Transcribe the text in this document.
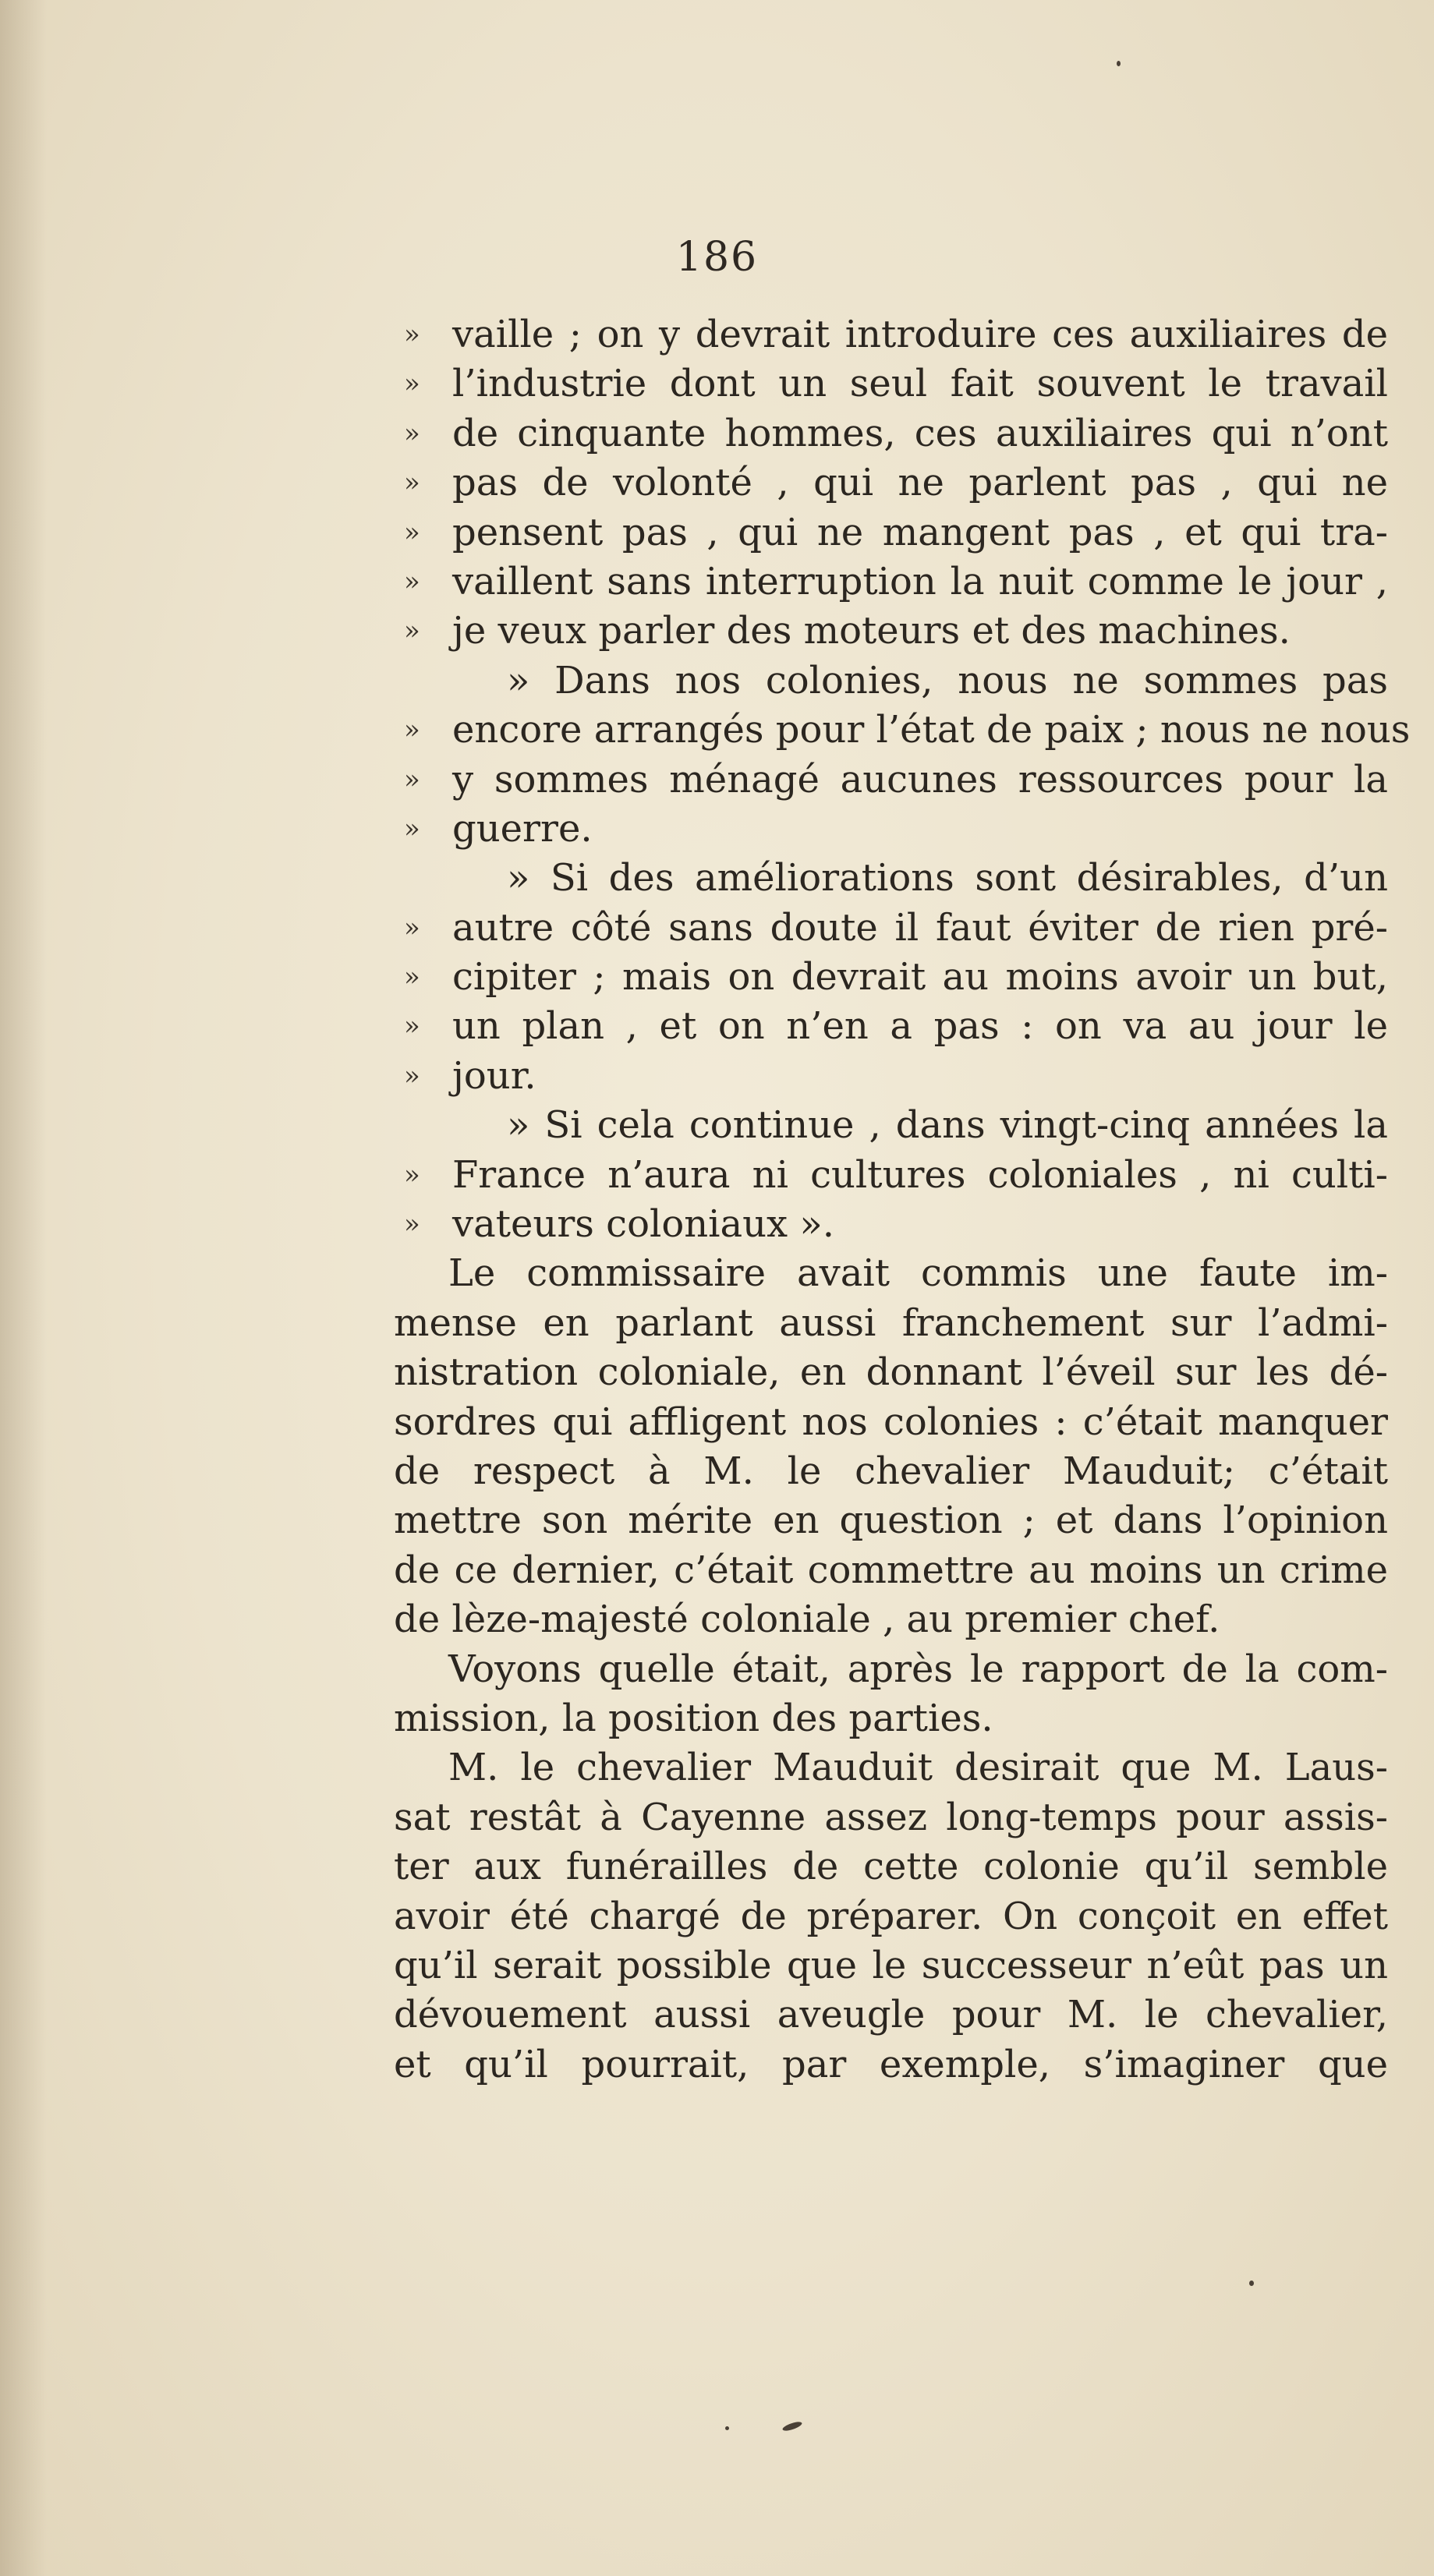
186
» vaille ; on y devrait introduire ces auxiliaires de
» l’industrie dont un seul fait souvent le travail
» de cinquante hommes, ces auxiliaires qui n’ont
» pas de volonté , qui ne parlent pas , qui ne
» pensent pas , qui ne mangent pas , et qui tra-
» vaillent sans interruption la nuit comme le jour ,
» je veux parler des moteurs et des machines.
» Dans nos colonies, nous ne sommes pas
» encore arrangés pour l’état de paix ; nous ne nous
» y sommes ménagé aucunes ressources pour la
» guerre.
» Si des améliorations sont désirables, d’un
» autre côté sans doute il faut éviter de rien pré-
» cipiter ; mais on devrait au moins avoir un but,
» un plan , et on n’en a pas : on va au jour le
» jour.
» Si cela continue , dans vingt-cinq années la
» France n’aura ni cultures coloniales , ni culti-
» vateurs coloniaux ».
Le commissaire avait commis une faute im-
mense en parlant aussi franchement sur l’admi-
nistration coloniale, en donnant l’éveil sur les dé-
sordres qui affligent nos colonies : c’était manquer
de respect à M. le chevalier Mauduit; c’était
mettre son mérite en question ; et dans l’opinion
de ce dernier, c’était commettre au moins un crime
de lèze-majesté coloniale , au premier chef.
Voyons quelle était, après le rapport de la com-
mission, la position des parties.
M. le chevalier Mauduit desirait que M. Laus-
sat restât à Cayenne assez long-temps pour assis-
ter aux funérailles de cette colonie qu’il semble
avoir été chargé de préparer. On conçoit en effet
qu’il serait possible que le successeur n’eût pas un
dévouement aussi aveugle pour M. le chevalier,
et qu’il pourrait, par exemple, s’imaginer que
